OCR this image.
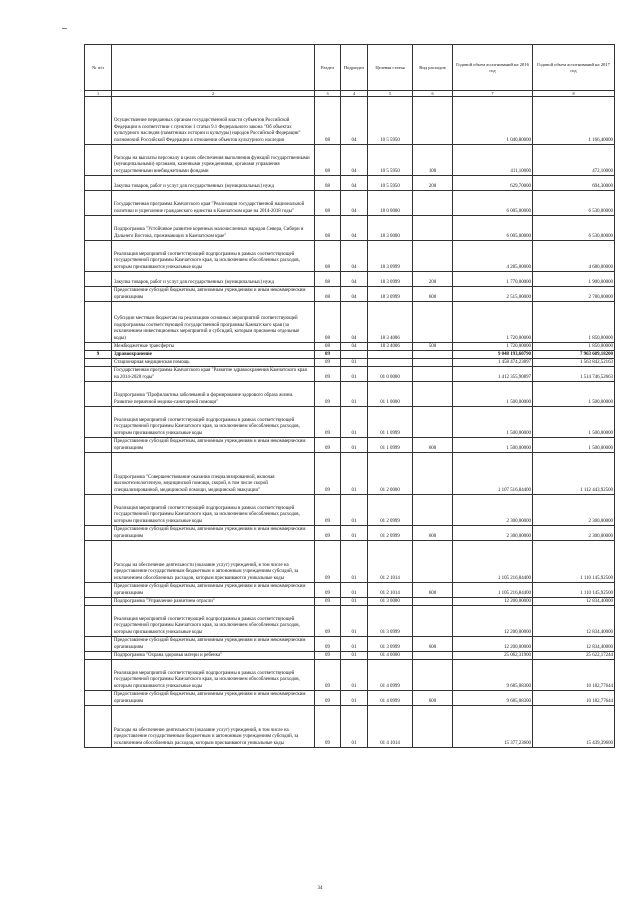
№ п/п		Раздел	Подраздел	Целевая статья	Вид расходов	Годовой объем ассигнований на 2016 год	Годовой объем ассигнований на 2017 год
1	2	3	4	5	6	7	8
	Осуществление переданных органам государственной власти субъектов Российской Федерации в соответствии с пунктом 1 статьи 9.1 Федерального закона "Об объектах культурного наследия (памятниках истории и культуры) народов Российской Федерации" полномочий Российской Федерации в отношении объектов культурного наследия	08	04	10 5 5950		1 040,80000	1 166,40000
	Расходы на выплаты персоналу в целях обеспечения выполнения функций государственными (муниципальными) органами, казенными учреждениями, органами управления государственными внебюджетными фондами	08	04	10 5 5950	100	411,10000	472,10000
	Закупка товаров, работ и услуг для государственных (муниципальных) нужд	08	04	10 5 5950	200	629,70000	694,30000
	Государственная программа Камчатского края "Реализация государственной национальной политики и укрепление гражданского единства в Камчатском крае на 2014-2018 годы"	08	04	18 0 0000		6 005,00000	6 530,00000
	Подпрограмма "Устойчивое развитие коренных малочисленных народов Севера, Сибири и Дальнего Востока, проживающих в Камчатском крае"	08	04	18 3 0000		6 005,00000	6 530,00000
	Реализация мероприятий соответствующей подпрограммы в рамках соответствующей государственной программы Камчатского края, за исключением обособленных расходов, которым присваиваются уникальные коды	08	04	18 3 0999		4 285,00000	4 680,00000
	Закупка товаров, работ и услуг для государственных (муниципальных) нужд	08	04	18 3 0999	200	1 770,00000	1 900,00000
	Предоставление субсидий бюджетным, автономным учреждениям и иным некоммерческим организациям	08	04	18 3 0999	600	2 515,00000	2 780,00000
	Субсидии местным бюджетам на реализацию основных мероприятий соответствующей подпрограммы соответствующей государственной программы Камчатского края (за исключением инвестиционных мероприятий и субсидий, которым присвоены отдельные коды)	08	04	18 3 4006		1 720,00000	1 850,00000
	Межбюджетные трансферты	08	04	18 3 4006	500	1 720,00000	1 850,00000
9	Здравоохранение	09				9 048 193,60790	7 963 609,18200
	Стационарная медицинская помощь	09	01			1 458 474,23897	1 563 842,52163
	Государственная программа Камчатского края "Развитие здравоохранения Камчатского края на 2014-2020 годы"	09	01	01 0 0000		1 412 355,90897	1 514 746,52663
	Подпрограмма "Профилактика заболеваний и формирование здорового образа жизни. Развитие первичной медико-санитарной помощи"	09	01	01 1 0000		1 500,00000	1 500,00000
	Реализация мероприятий соответствующей подпрограммы в рамках соответствующей государственной программы Камчатского края, за исключением обособленных расходов, которым присваиваются уникальные коды	09	01	01 1 0999		1 500,00000	1 500,00000
	Предоставление субсидий бюджетным, автономным учреждениям и иным некоммерческим организациям	09	01	01 1 0999	600	1 500,00000	1 500,00000
	Подпрограмма "Совершенствование оказания специализированной, включая высокотехнологичную, медицинской помощи, скорой, в том числе скорой специализированной, медицинской помощи, медицинской эвакуации"	09	01	01 2 0000		1 107 516,84400	1 112 443,92500
	Реализация мероприятий соответствующей подпрограммы в рамках соответствующей государственной программы Камчатского края, за исключением обособленных расходов, которым присваиваются уникальные коды	09	01	01 2 0999		2 300,00000	2 300,00000
	Предоставление субсидий бюджетным, автономным учреждениям и иным некоммерческим организациям	09	01	01 2 0999	600	2 300,00000	2 300,00000
	Расходы на обеспечение деятельности (оказание услуг) учреждений, в том числе на предоставление государственным бюджетным и автономным учреждениям субсидий, за исключением обособленных расходов, которым присваиваются уникальные коды	09	01	01 2 1014		1 105 216,84400	1 110 145,92500
	Предоставление субсидий бюджетным, автономным учреждениям и иным некоммерческим организациям	09	01	01 2 1014	600	1 105 216,84400	1 110 145,92500
	Подпрограмма "Управление развитием отрасли"	09	01	01 3 0000		12 200,00000	12 834,40000
	Реализация мероприятий соответствующей подпрограммы в рамках соответствующей государственной программы Камчатского края, за исключением обособленных расходов, которым присваиваются уникальные коды	09	01	01 3 0999		12 200,00000	12 834,40000
	Предоставление субсидий бюджетным, автономным учреждениям и иным некоммерческим организациям	09	01	01 3 0999	600	12 200,00000	12 834,40000
	Подпрограмма "Охрана здоровья матери и ребенка"	09	01	01 4 0000		25 062,31900	25 622,17244
	Реализация мероприятий соответствующей подпрограммы в рамках соответствующей государственной программы Камчатского края, за исключением обособленных расходов, которым присваиваются уникальные коды	09	01	01 4 0999		9 685,08300	10 182,77644
	Предоставление субсидий бюджетным, автономным учреждениям и иным некоммерческим организациям	09	01	01 4 0999	600	9 685,08300	10 182,77644
	Расходы на обеспечение деятельности (оказание услуг) учреждений, в том числе на предоставление государственным бюджетным и автономным учреждениям субсидий, за исключением обособленных расходов, которым присваиваются уникальные коды	09	01	01 4 1014		15 377,23600	15 439,39600
34
